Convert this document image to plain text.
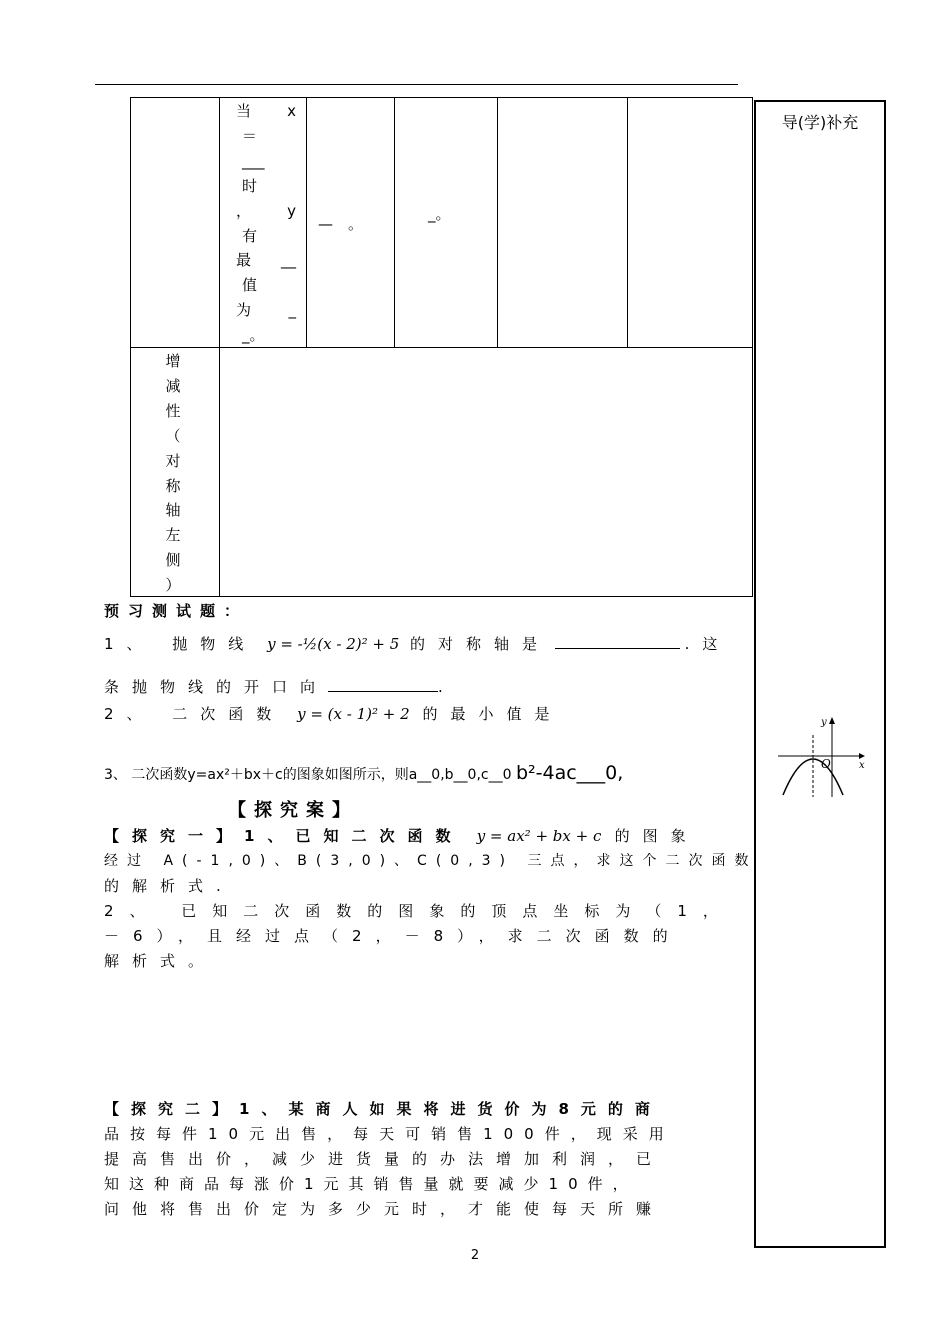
当 x
＝
___
时
， y
有
最 __
值
为 _
_。
—　。
_。
增
减
性
（
对
称
轴
左
侧
）
导(学)补充
y
x
O
预习测试题：
1、 抛物线 y = -½(x - 2)² + 5 的对称轴是	.这
条抛物线的开口向	.
2、 二次函数 y = (x - 1)² + 2 的最小值是
3、 二次函数y=ax²＋bx＋c的图象如图所示，则a__0,b__0,c__0 b²-4ac___0,
【探究案】
【探究一】1、已知二次函数 y = ax² + bx + c 的图象
经过 A(-1,0)、B(3,0)、C(0,3) 三点，求这个二次函数
的解析式.
2、 已知二次函数的图象的顶点坐标为（1，
－6），且经过点（2，－8），求二次函数的
解析式。
【探究二】1、某商人如果将进货价为8元的商
品按每件10元出售，每天可销售100件，现采用
提高售出价，减少进货量的办法增加利润，已
知这种商品每涨价1元其销售量就要减少10件，
问他将售出价定为多少元时，才能使每天所赚
2
